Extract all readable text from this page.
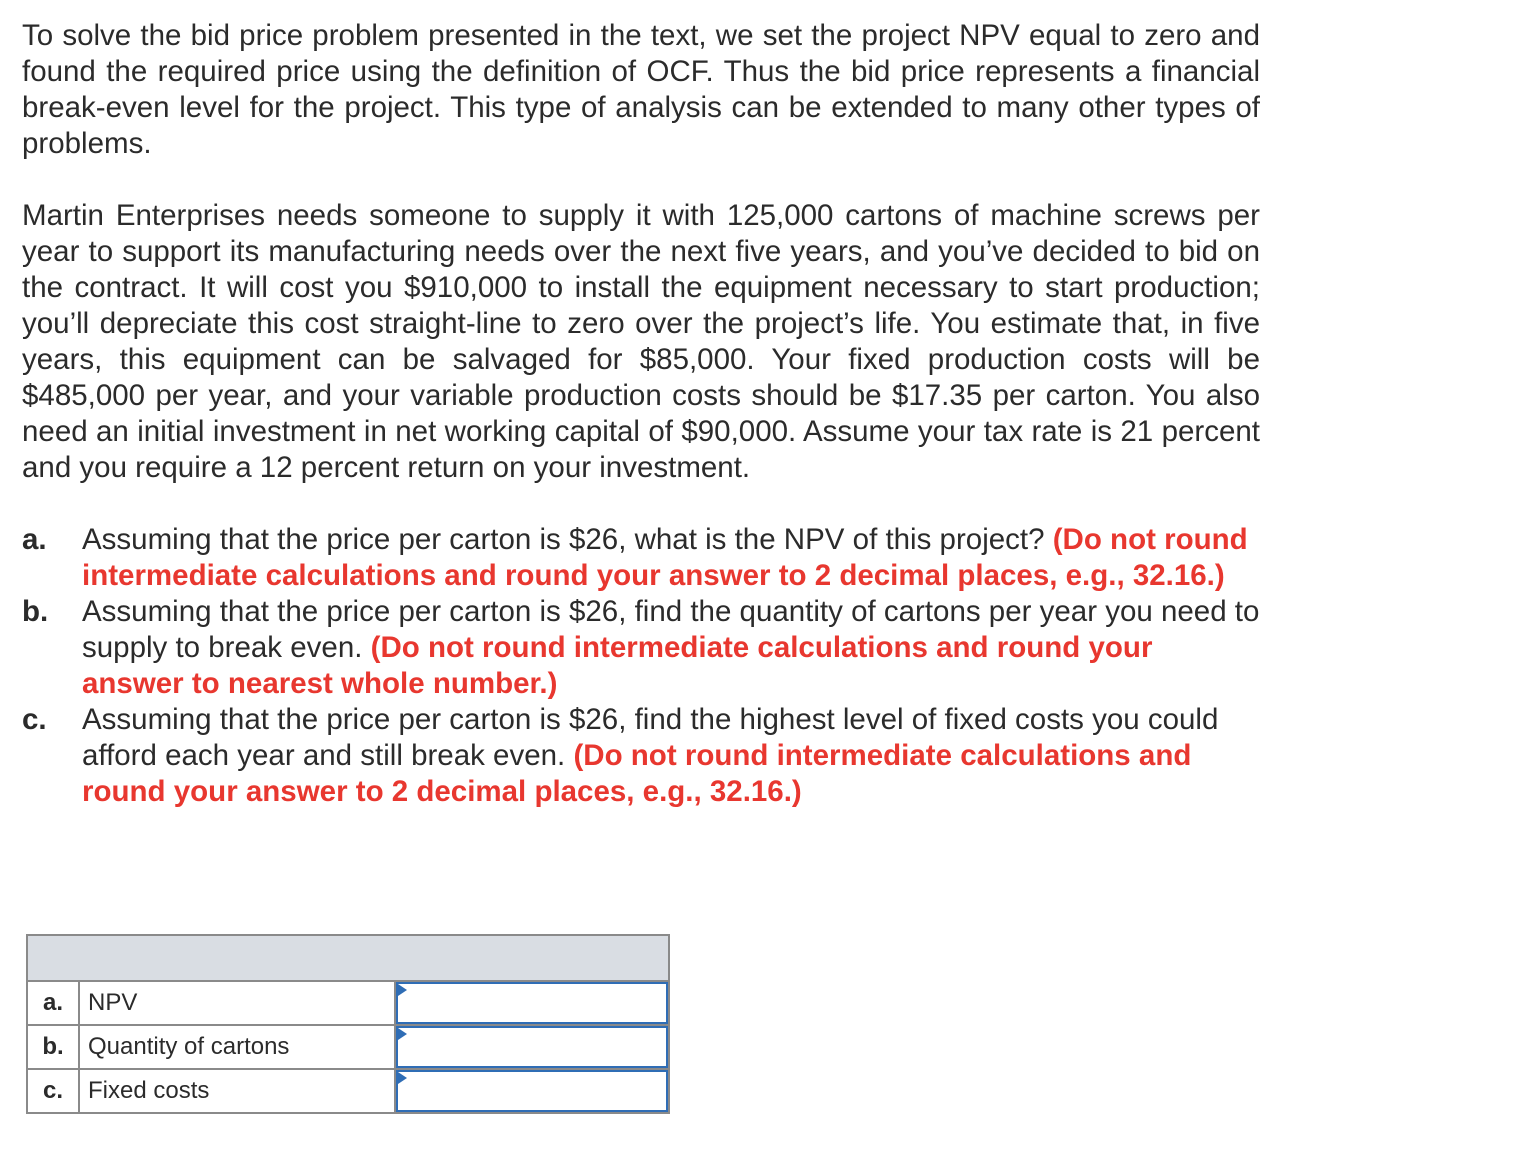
To solve the bid price problem presented in the text, we set the project NPV equal to zero and found the required price using the definition of OCF. Thus the bid price represents a financial break-even level for the project. This type of analysis can be extended to many other types of problems.

Martin Enterprises needs someone to supply it with 125,000 cartons of machine screws per year to support its manufacturing needs over the next five years, and you’ve decided to bid on the contract. It will cost you $910,000 to install the equipment necessary to start production; you’ll depreciate this cost straight-line to zero over the project’s life. You estimate that, in five years, this equipment can be salvaged for $85,000. Your fixed production costs will be $485,000 per year, and your variable production costs should be $17.35 per carton. You also need an initial investment in net working capital of $90,000. Assume your tax rate is 21 percent and you require a 12 percent return on your investment.

a.	Assuming that the price per carton is $26, what is the NPV of this project? (Do not round intermediate calculations and round your answer to 2 decimal places, e.g., 32.16.)
b.	Assuming that the price per carton is $26, find the quantity of cartons per year you need to supply to break even. (Do not round intermediate calculations and round your answer to nearest whole number.)
c.	Assuming that the price per carton is $26, find the highest level of fixed costs you could afford each year and still break even. (Do not round intermediate calculations and round your answer to 2 decimal places, e.g., 32.16.)

a.	NPV	

b.	Quantity of cartons	

c.	Fixed costs	
